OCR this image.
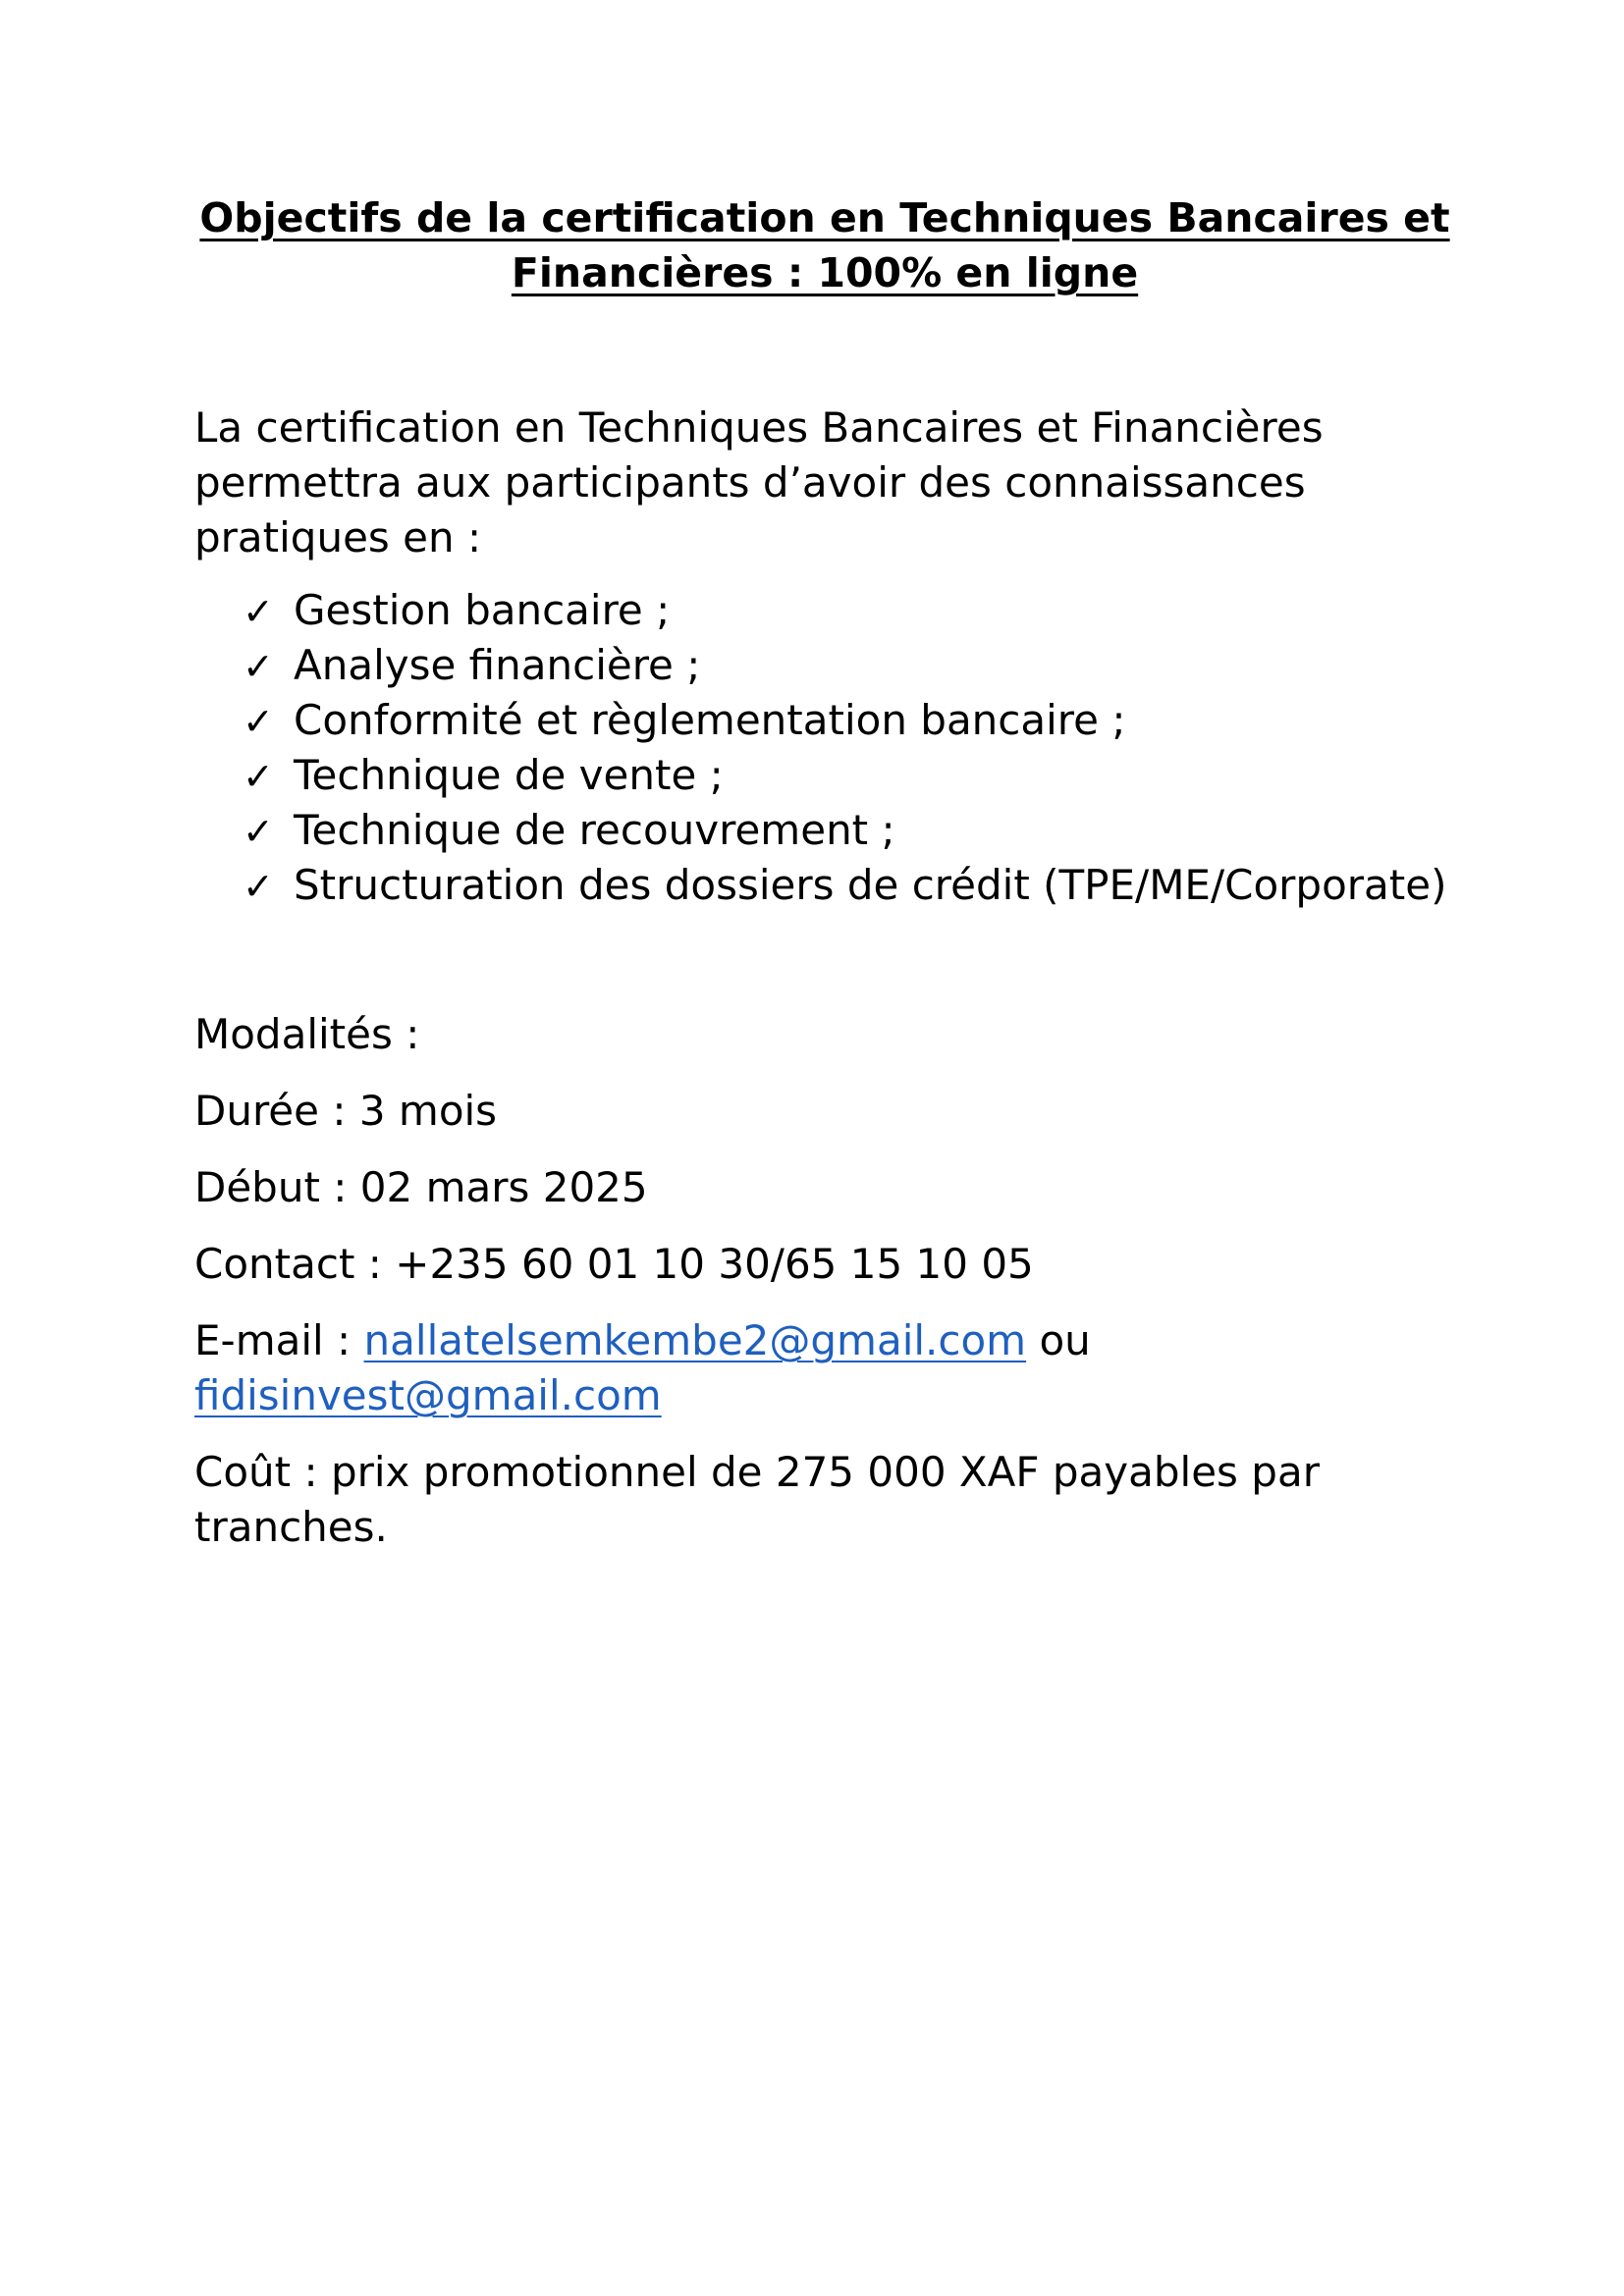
Objectifs de la certification en Techniques Bancaires et Financières : 100% en ligne

La certification en Techniques Bancaires et Financières permettra aux participants d’avoir des connaissances pratiques en :

✓ Gestion bancaire ;
✓ Analyse financière ;
✓ Conformité et règlementation bancaire ;
✓ Technique de vente ;
✓ Technique de recouvrement ;
✓ Structuration des dossiers de crédit (TPE/ME/Corporate)

Modalités :

Durée : 3 mois

Début : 02 mars 2025

Contact : +235 60 01 10 30/65 15 10 05

E-mail : nallatelsemkembe2@gmail.com ou fidisinvest@gmail.com

Coût : prix promotionnel de 275 000 XAF payables par tranches.
